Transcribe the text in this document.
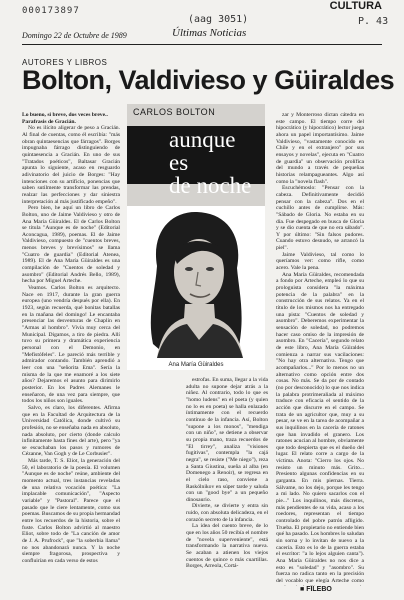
000173897
(aag 3051)	P. 43
Domingo 22 de Octubre de 1989	Últimas Noticias
CULTURA
AUTORES Y LIBROS
Bolton, Valdivieso y Güiraldes

Lo bueno, si breve, dos veces breve.. Parafrasis de Gracián.

No es ilícito aligerar de peso a Gracián. Al final de cuentas, como él escribía: "más obran quintaesencias que fárragos". Borges impugnaba fárrago distinguiendo de quintaesencia a Gracián. En uno de sus "Tratados poéticos", Baltasar Gracián apunta lo siguiente, acaso en resguardo adivinatorio del juicio de Borges: "Hay intenciones con su artificio, ponencias que saben sutilmente transformar las prendas, realzar las perfecciones y dar siniestra interpretación al más justificado empeño".

Pero bien, he aquí un libro de Carlos Bolton, uno de Jaime Valdivieso y otro de Ana María Güiraldes. El de Carlos Bolton se titula "Aunque es de noche" (Editorial Aconcagua, 1989), poemas. El de Jaime Valdivieso, compuesto de "cuentos breves, menos breves y brevísimos" se llama "Cuatro de guardia" (Editorial Atenea, 1989). El de Ana María Güiraldes es una compilación de "Cuentos de soledad y asombro" (Editorial Andrés Bello, 1989), hecha por Miguel Arteche.

Veamos. Carlos Bolton es arquitecto. Nace en 1917, durante la gran guerra europea (uno vendría después por ella). En 1923, según recuerda, qué bonitas batallas en la mañana del domingo! Le encantaba presenciar las desventuras de Chaplin en "Armas al hombro". Vivía muy cerca del Municipal. Digamos, a tiro de piedra. Allí tuvo su primera y dramática experiencia personal con el Demonio, en "Mefistófeles". Le pareció más terrible y admirador contando. También aprendió a leer con una "señorita Ema". Sería la misma de la que me enamoré a los siete años? Dejaremos el asunto para dirimirlo posterior. En los Padres Alemanes le enseñaron, de una vez para siempre, que todos los niños son iguales.

Salvo, es claro, los diferentes. Afirma que en la Facultad de Arquitectura de la Universidad Católica, donde cultivó su profesión, no se enseñaba nada en absoluto, nada absoluto, por cierto (donde calculo infinitamente hasta fines del arte), pero "ya se escuchaban los pasos y rumores de Cézanne, Van Gogh y de Le Corbusier".

Más tarde, T. S. Eliot, la generación del 50, el laboratorio de la poesía. El volumen "Aunque es de noche" reúne, ambiente del momento actual, tres instancias reveladas de una relativa vocación poética: "La implacable comunicación", "Aspecto variable" y "Pastoral". Parece que el pasado que le ciere lentamente, como sus poemas. Buscamos de su propia hermandad entre los recuerdos de la historia, sobre el fuste. Carlos Bolton advirtió al maestro Eliot, sobre todo de "La canción de amor de J. A. Prufrock", que "la soberbia llama" no nos abandonará nunca. Y la noche siempre fragorosa, prospectiva y confluirían en cada verso de estos

CARLOS BOLTON
aunque
es
de noche
Ana María Güiraldes

estrofas. En suma, llegar a la vida adulta no supone dejar atrás a la niñez. Al contrario, todo lo que es "homo ludens" en el poeta (y quien no lo es en poeta) se halla enlazado íntimamente con el recuerdo continuo de la infancia. Así, Bolton "supone a los monos", "mendiga con un niño", se detiene a observar su propia mano, traza recuerdos de "El tirrey", analiza "visiones fugitivas", contempla "la cajá negra", se resiste ("Me niego"), reza a Santa Giustina, sueña al alba (en Domenego a Renoir), se regresa en el cielo raso, conviene a Raskólnikov en súper tarde y saluda con un "good bye" a un pequeño dinosaurio.

Divierte, se divierte y entra sin ruido, con absoluta delicadeza, en el corazón secreto de la infancia.

La idea del cuento breve, de lo que en los años 50 recibía el nombre de "novela superveniente", está transformando la narrativa nueva. Se acaban a atienen los viejos cuentos de quince o más cuartillas. Borges, Arreola, Cortá-

zar y Monterroso dictan cátedra en este campo. El tiempo corre del hipocrático (y hipocrático) lector juega ahora un papel importantísimo. Jaime Valdivieso, "vastamente conocido en Chile y en el extranjero" por sus ensayos y novelas", ejecuta en "Cuatro de guardia" un observación prolífica del mundo a través de pequeñas historias relampagueantes. Algo así como la "novela flash".

Escuchémoslo: "Pensar con la cabeza. Definitivamente decidió pensar con la cabeza". Dos en el cuchillo antes de cumplirse. Más: "Sábado de Gloria. No estaba en su día. Fue despegado en busca de Gloria y se dio cuenta de que no era sábado". Y por último: "Sin falsos pudores. Cuando estuvo desnudo, se arrancó la piel".

Jaime Valdivieso, tal como lo queríamos ver: como rifle, como acero. Vale la pena.

Ana María Güiraldes, recomendada a fondo por Arteche, empleó lo que su prologuista considera "la máxima potencia de la palabra" en la construcción de sus relatos. Ya en el título de los mismos nos ha entregado una pista: "Cuentos de soledad y asombro". Deberemos experimentar la sensación de soledad, no podremos hacer caso omiso de la impresión de asombro. En "Cacería", segundo relato de este libro, Ana María Güiraldes comienza a narrar sus vacilaciones: "No hay otra alternativa. Tengo que acompañarlos..." Por lo menos no un alternativo como opción entre dos cosas. No más. Se da por de contado (no por desconocido) lo que nos indica la palabra protrimeraliada al máximo traduce con eficacia el sentido de la acción que discurre en el campo. Se trata de un agricultor que, muy a su pesar, se ve en la tarea de acompañar a sus inquilinos en la cacería de ratones que han invadido el granero. Los ratones acucian al hombre, obviamente que todo despierta que es el dueño del lugar. El relato corre a cargo de la víctima. Anota: "Cierro los ojos. No resisto un minuto más. Grito... Presiento algunas confidencias en su garganta. En mis piernas. Tierra. Sálvame, no los dejo, porque les tengo a mi lado. No quiero sacarlos con el pie..." Los inquilinos, más discretos, más pendientes de su vida, acaso a los roedores, representan el tiempo controlado del pobre patrón afligido. Trueba. El propietario no entiende bien qué ha pasado. Los hombres lo saludan sin sorna y lo invitan de nuevo a la cacería. Esto es lo de la guerra estaba el escritor: "a lo lejos alguien canta"). Ana María Güiraldes no nos dice a esto es "soledad" y "asombro". Su fuerza no radica tanto en la precisión del vocablo que elegía Arteche como

■ FILEBO
